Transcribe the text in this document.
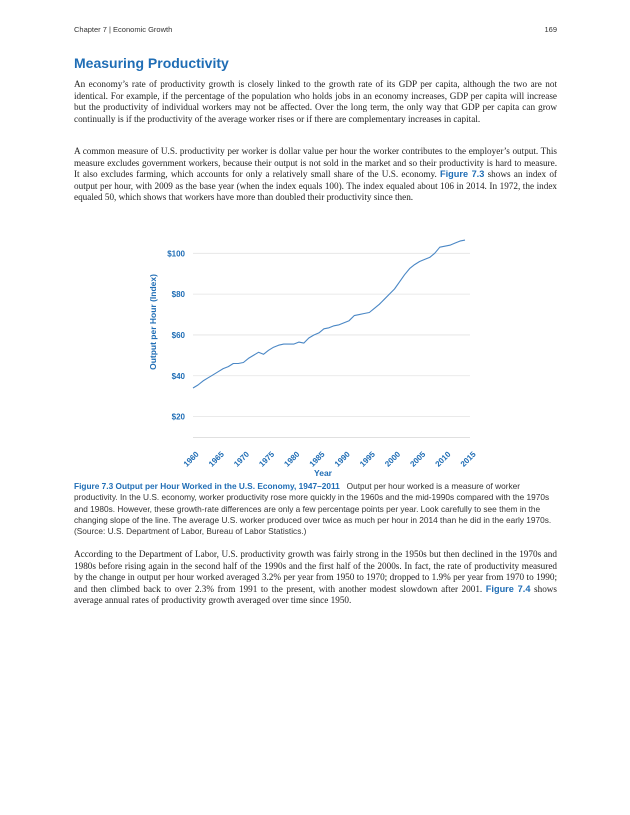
Chapter 7 | Economic Growth	169
Measuring Productivity

An economy’s rate of productivity growth is closely linked to the growth rate of its GDP per capita, although the two are not identical. For example, if the percentage of the population who holds jobs in an economy increases, GDP per capita will increase but the productivity of individual workers may not be affected. Over the long term, the only way that GDP per capita can grow continually is if the productivity of the average worker rises or if there are complementary increases in capital.

A common measure of U.S. productivity per worker is dollar value per hour the worker contributes to the employer’s output. This measure excludes government workers, because their output is not sold in the market and so their productivity is hard to measure. It also excludes farming, which accounts for only a relatively small share of the U.S. economy. Figure 7.3 shows an index of output per hour, with 2009 as the base year (when the index equals 100). The index equaled about 106 in 2014. In 1972, the index equaled 50, which shows that workers have more than doubled their productivity since then.

$20
$40
$60
$80
$100
1960 1965 1970 1975 1980 1985 1990 1995 2000 2005 2010 2015
Output per Hour (Index)
Year

Figure 7.3 Output per Hour Worked in the U.S. Economy, 1947–2011 Output per hour worked is a measure of worker productivity. In the U.S. economy, worker productivity rose more quickly in the 1960s and the mid-1990s compared with the 1970s and 1980s. However, these growth-rate differences are only a few percentage points per year. Look carefully to see them in the changing slope of the line. The average U.S. worker produced over twice as much per hour in 2014 than he did in the early 1970s. (Source: U.S. Department of Labor, Bureau of Labor Statistics.)

According to the Department of Labor, U.S. productivity growth was fairly strong in the 1950s but then declined in the 1970s and 1980s before rising again in the second half of the 1990s and the first half of the 2000s. In fact, the rate of productivity measured by the change in output per hour worked averaged 3.2% per year from 1950 to 1970; dropped to 1.9% per year from 1970 to 1990; and then climbed back to over 2.3% from 1991 to the present, with another modest slowdown after 2001. Figure 7.4 shows average annual rates of productivity growth averaged over time since 1950.
